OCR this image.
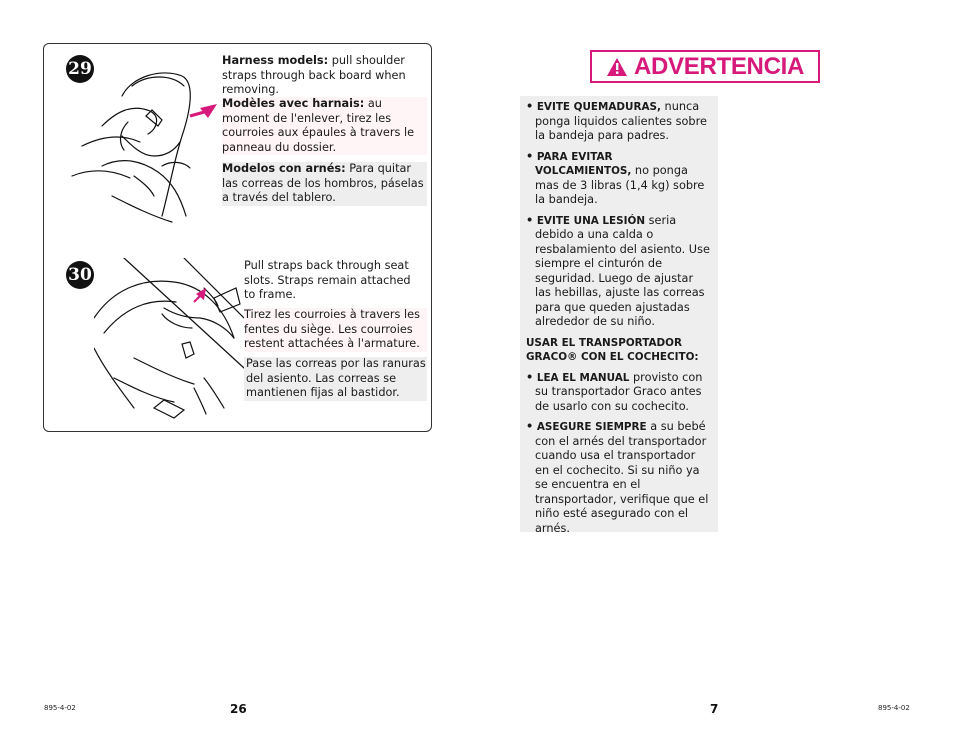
29	Harness models: pull shoulder straps through back board when removing.
Modèles avec harnais: au moment de l'enlever, tirez les courroies aux épaules à travers le panneau du dossier.
Modelos con arnés: Para quitar las correas de los hombros, páselas a través del tablero.
30	Pull straps back through seat slots. Straps remain attached to frame.
Tirez les courroies à travers les fentes du siège. Les courroies restent attachées à l'armature.
Pase las correas por las ranuras del asiento. Las correas se mantienen fijas al bastidor.
ADVERTENCIA
• EVITE QUEMADURAS, nunca ponga liquidos calientes sobre la bandeja para padres.
• PARA EVITAR VOLCAMIENTOS, no ponga mas de 3 libras (1,4 kg) sobre la bandeja.
• EVITE UNA LESIÓN seria debido a una calda o resbalamiento del asiento. Use siempre el cinturón de seguridad. Luego de ajustar las hebillas, ajuste las correas para que queden ajustadas alrededor de su niño.
USAR EL TRANSPORTADOR GRACO® CON EL COCHECITO:
• LEA EL MANUAL provisto con su transportador Graco antes de usarlo con su cochecito.
• ASEGURE SIEMPRE a su bebé con el arnés del transportador cuando usa el transportador en el cochecito. Si su niño ya se encuentra en el transportador, verifique que el niño esté asegurado con el arnés.
895-4-02	26	7	895-4-02
